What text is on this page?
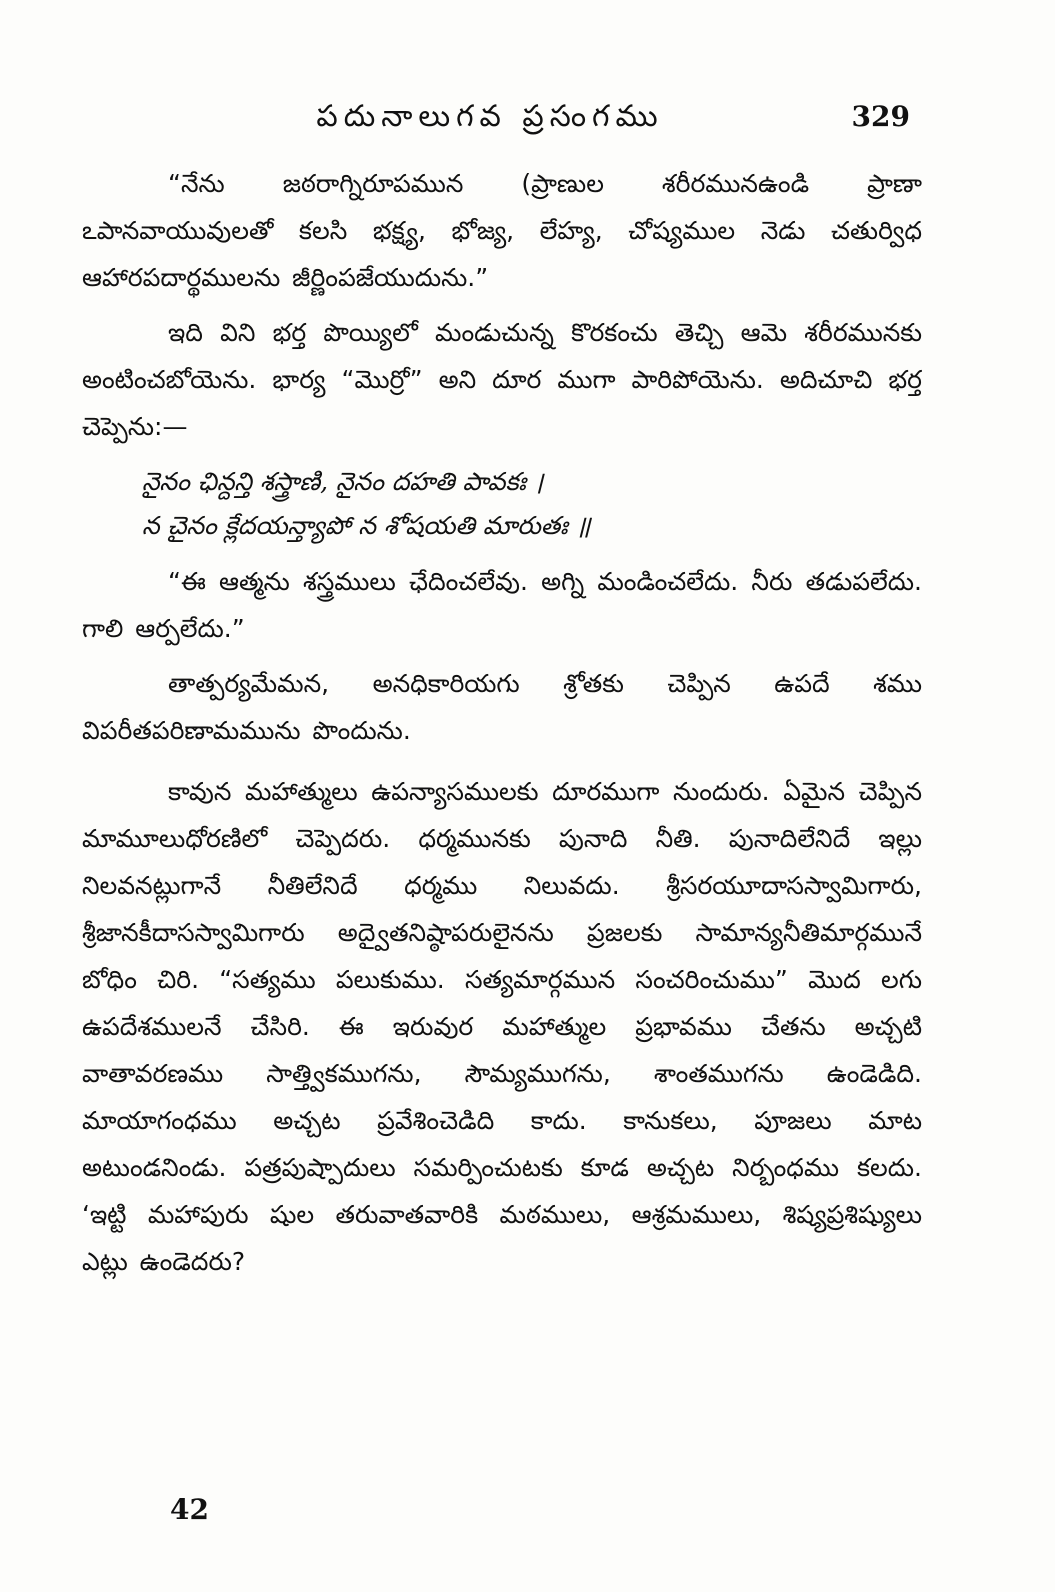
పదునాలుగవ ప్రసంగము	329

“నేను జఠరాగ్నిరూపమున (ప్రాణుల శరీరమునఉండి ప్రాణా ఽపానవాయువులతో కలసి భక్ష్య, భోజ్య, లేహ్య, చోష్యముల నెడు చతుర్విధ ఆహారపదార్థములను జీర్ణింపజేయుదును.”

ఇది విని భర్త పొయ్యిలో మండుచున్న కొరకంచు తెచ్చి ఆమె శరీరమునకు అంటించబోయెను. భార్య “మొర్రో” అని దూర ముగా పారిపోయెను. అదిచూచి భర్త చెప్పెను:—

నైనం ఛిన్దన్తి శస్త్రాణి, నైనం దహతి పావకః ।
న చైనం క్లేదయన్త్యాపో న శోషయతి మారుతః ॥

“ఈ ఆత్మను శస్త్రములు ఛేదించలేవు. అగ్ని మండించలేదు. నీరు తడుపలేదు. గాలి ఆర్పలేదు.”

తాత్పర్యమేమన, అనధికారియగు శ్రోతకు చెప్పిన ఉపదే శము విపరీతపరిణామమును పొందును.

కావున మహాత్ములు ఉపన్యాసములకు దూరముగా నుందురు. ఏమైన చెప్పిన మామూలుధోరణిలో చెప్పెదరు. ధర్మమునకు పునాది నీతి. పునాదిలేనిదే ఇల్లు నిలవనట్లుగానే నీతిలేనిదే ధర్మము నిలువదు. శ్రీసరయూదాసస్వామిగారు, శ్రీజానకీదాసస్వామిగారు అద్వైతనిష్ఠాపరులైనను ప్రజలకు సామాన్యనీతిమార్గమునే బోధిం చిరి. “సత్యము పలుకుము. సత్యమార్గమున సంచరించుము” మొద లగు ఉపదేశములనే చేసిరి. ఈ ఇరువుర మహాత్ముల ప్రభావము చేతను అచ్చటి వాతావరణము సాత్త్వికముగను, సౌమ్యముగను, శాంతముగను ఉండెడిది. మాయాగంధము అచ్చట ప్రవేశించెడిది కాదు. కానుకలు, పూజలు మాట అటుండనిండు. పత్రపుష్పాదులు సమర్పించుటకు కూడ అచ్చట నిర్బంధము కలదు. ‘ఇట్టి మహాపురు షుల తరువాతవారికి మఠములు, ఆశ్రమములు, శిష్యప్రశిష్యులు ఎట్లు ఉండెదరు?

42
